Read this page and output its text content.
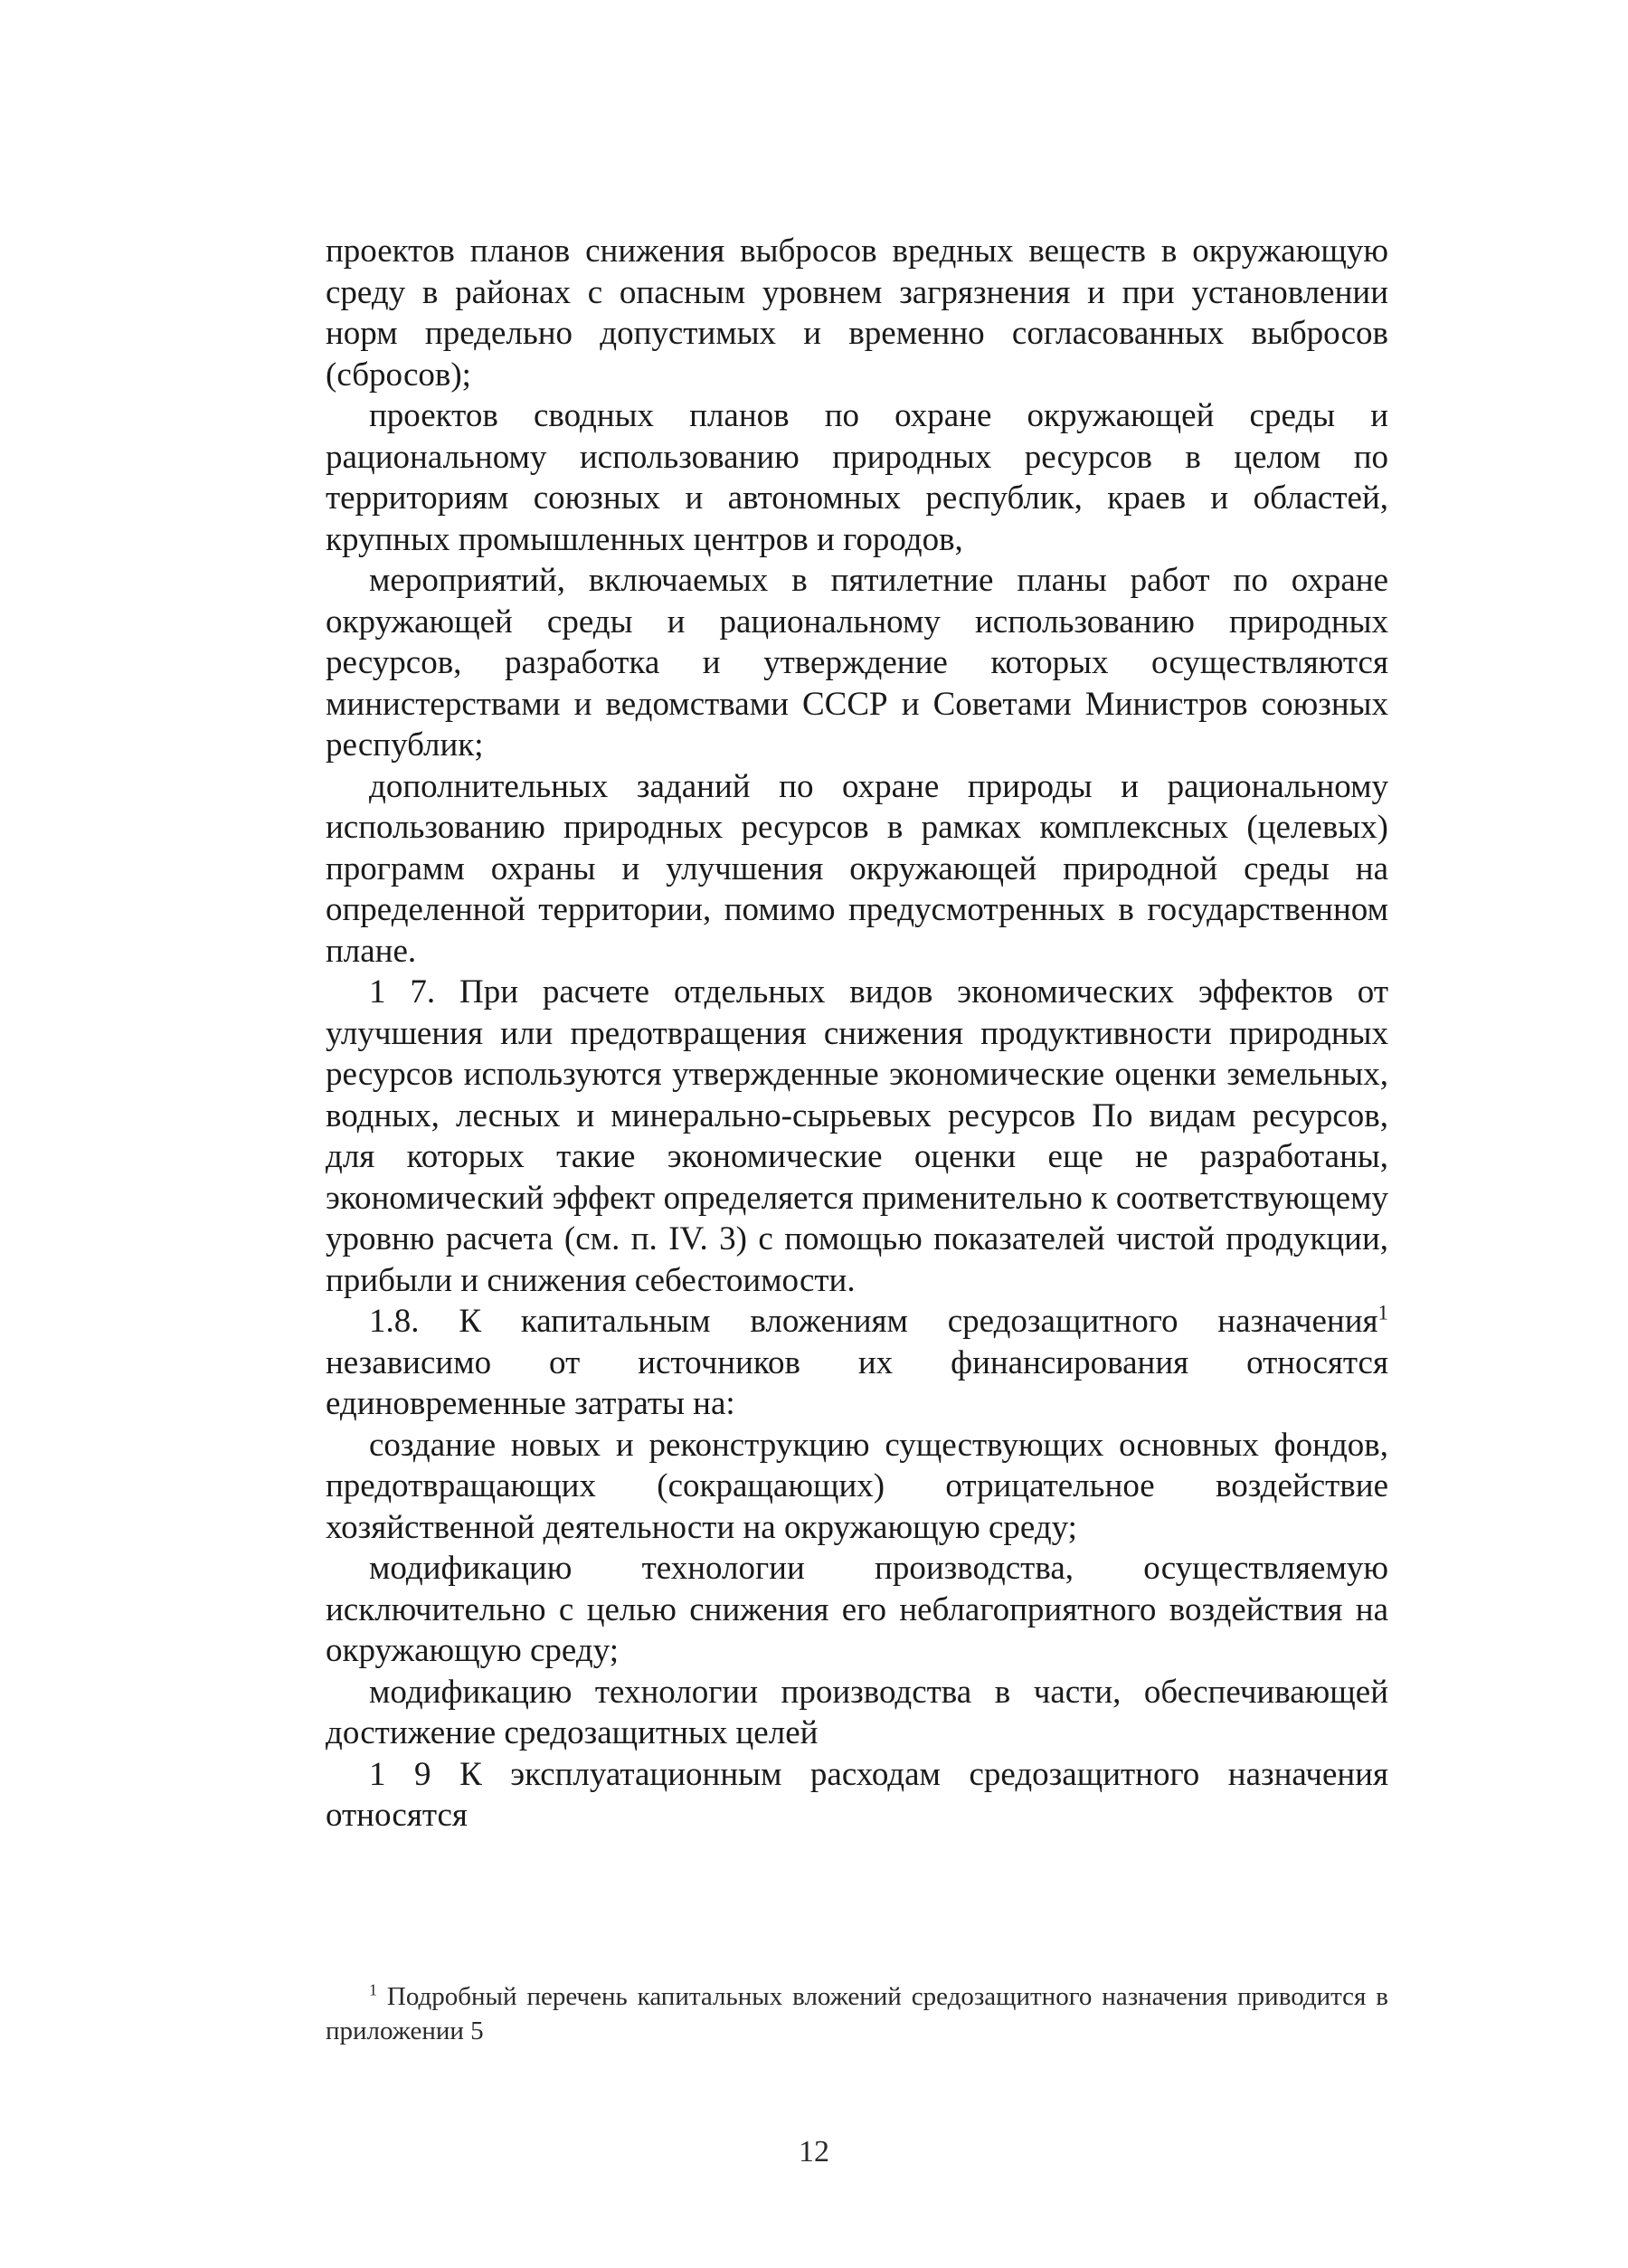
проектов планов снижения выбросов вредных веществ в окружающую среду в районах с опасным уровнем загрязнения и при установлении норм предельно допустимых и временно согласованных выбросов (сбросов);

проектов сводных планов по охране окружающей среды и рациональному использованию природных ресурсов в целом по территориям союзных и автономных республик, краев и облаcтей, крупных промышленных центров и городов,

мероприятий, включаемых в пятилетние планы работ по охране окружающей среды и рациональному использованию природных ресурсов, разработка и утверждение которых осуществляются министерствами и ведомствами СССР и Советами Министров союзных республик;

дополнительных заданий по охране природы и рациональному использованию природных ресурсов в рамках комплексных (целевых) программ охраны и улучшения окружающей природной среды на определенной территории, помимо предусмотренных в государственном плане.

1 7. При расчете отдельных видов экономических эффектов от улучшения или предотвращения снижения продуктивности природных ресурсов используются утвержденные экономические оценки земельных, водных, лесных и минерально-сырьевых ресурсов По видам ресурсов, для которых такие экономические оценки еще не разработаны, экономический эффект определяется применительно к соответствующему уровню расчета (см. п. IV. 3) с помощью показателей чистой продукции, прибыли и снижения себестоимости.

1.8. К капитальным вложениям средозащитного назначения$^1$ независимо от источников их финансирования относятся единовременные затраты на:

создание новых и реконструкцию существующих основных фондов, предотвращающих (сокращающих) отрицательное воздействие хозяйственной деятельности на окружающую среду;

модификацию технологии производства, осуществляемую исключительно с целью снижения его неблагоприятного воздействия на окружающую среду;

модификацию технологии производства в части, обеспечивающей достижение средозащитных целей

1 9 К эксплуатационным расходам средозащитного назначения относятся

$^1$ Подробный перечень капитальных вложений средозащитного назначения приводится в приложении 5

12
